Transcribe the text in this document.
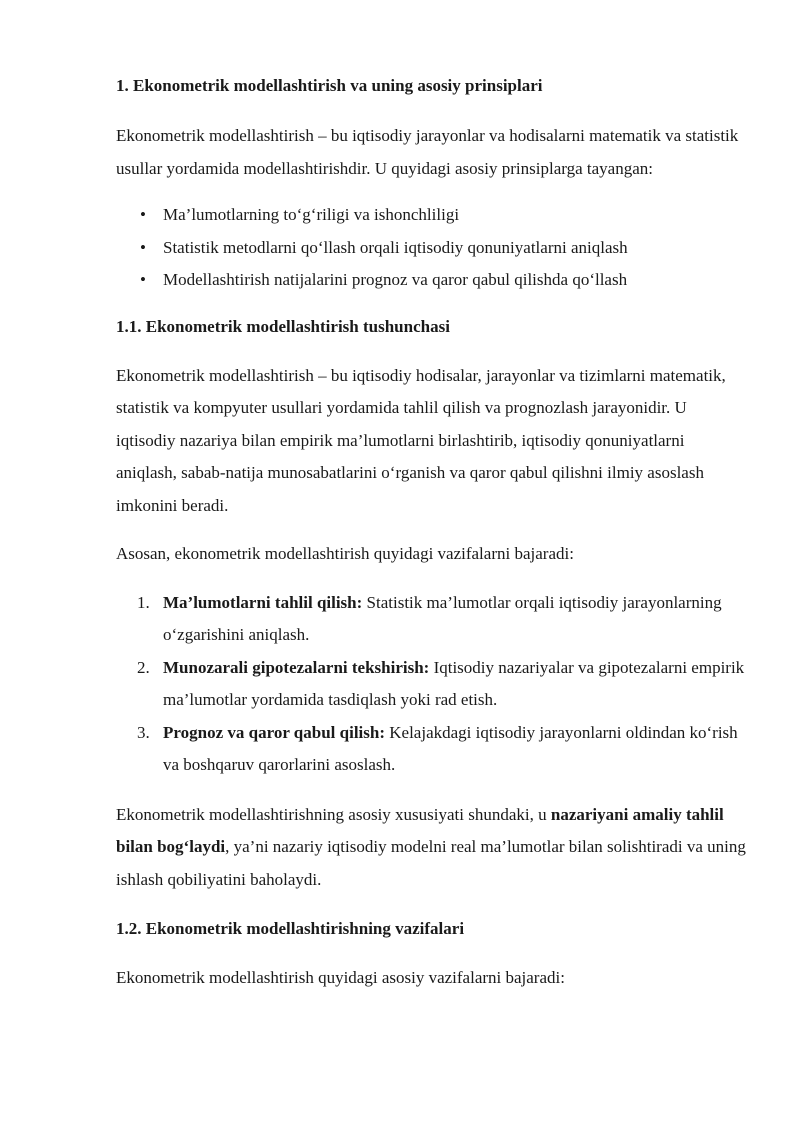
1. Ekonometrik modellashtirish va uning asosiy prinsiplari

Ekonometrik modellashtirish – bu iqtisodiy jarayonlar va hodisalarni matematik va statistik usullar yordamida modellashtirishdir. U quyidagi asosiy prinsiplarga tayangan:

• Ma’lumotlarning to‘g‘riligi va ishonchliligi
• Statistik metodlarni qo‘llash orqali iqtisodiy qonuniyatlarni aniqlash
• Modellashtirish natijalarini prognoz va qaror qabul qilishda qo‘llash
1.1. Ekonometrik modellashtirish tushunchasi

Ekonometrik modellashtirish – bu iqtisodiy hodisalar, jarayonlar va tizimlarni matematik, statistik va kompyuter usullari yordamida tahlil qilish va prognozlash jarayonidir. U iqtisodiy nazariya bilan empirik ma’lumotlarni birlashtirib, iqtisodiy qonuniyatlarni aniqlash, sabab-natija munosabatlarini o‘rganish va qaror qabul qilishni ilmiy asoslash imkonini beradi.

Asosan, ekonometrik modellashtirish quyidagi vazifalarni bajaradi:

1. Ma’lumotlarni tahlil qilish: Statistik ma’lumotlar orqali iqtisodiy jarayonlarning o‘zgarishini aniqlash.
2. Munozarali gipotezalarni tekshirish: Iqtisodiy nazariyalar va gipotezalarni empirik ma’lumotlar yordamida tasdiqlash yoki rad etish.
3. Prognoz va qaror qabul qilish: Kelajakdagi iqtisodiy jarayonlarni oldindan ko‘rish va boshqaruv qarorlarini asoslash.

Ekonometrik modellashtirishning asosiy xususiyati shundaki, u nazariyani amaliy tahlil bilan bog‘laydi, ya’ni nazariy iqtisodiy modelni real ma’lumotlar bilan solishtiradi va uning ishlash qobiliyatini baholaydi.

1.2. Ekonometrik modellashtirishning vazifalari

Ekonometrik modellashtirish quyidagi asosiy vazifalarni bajaradi:
